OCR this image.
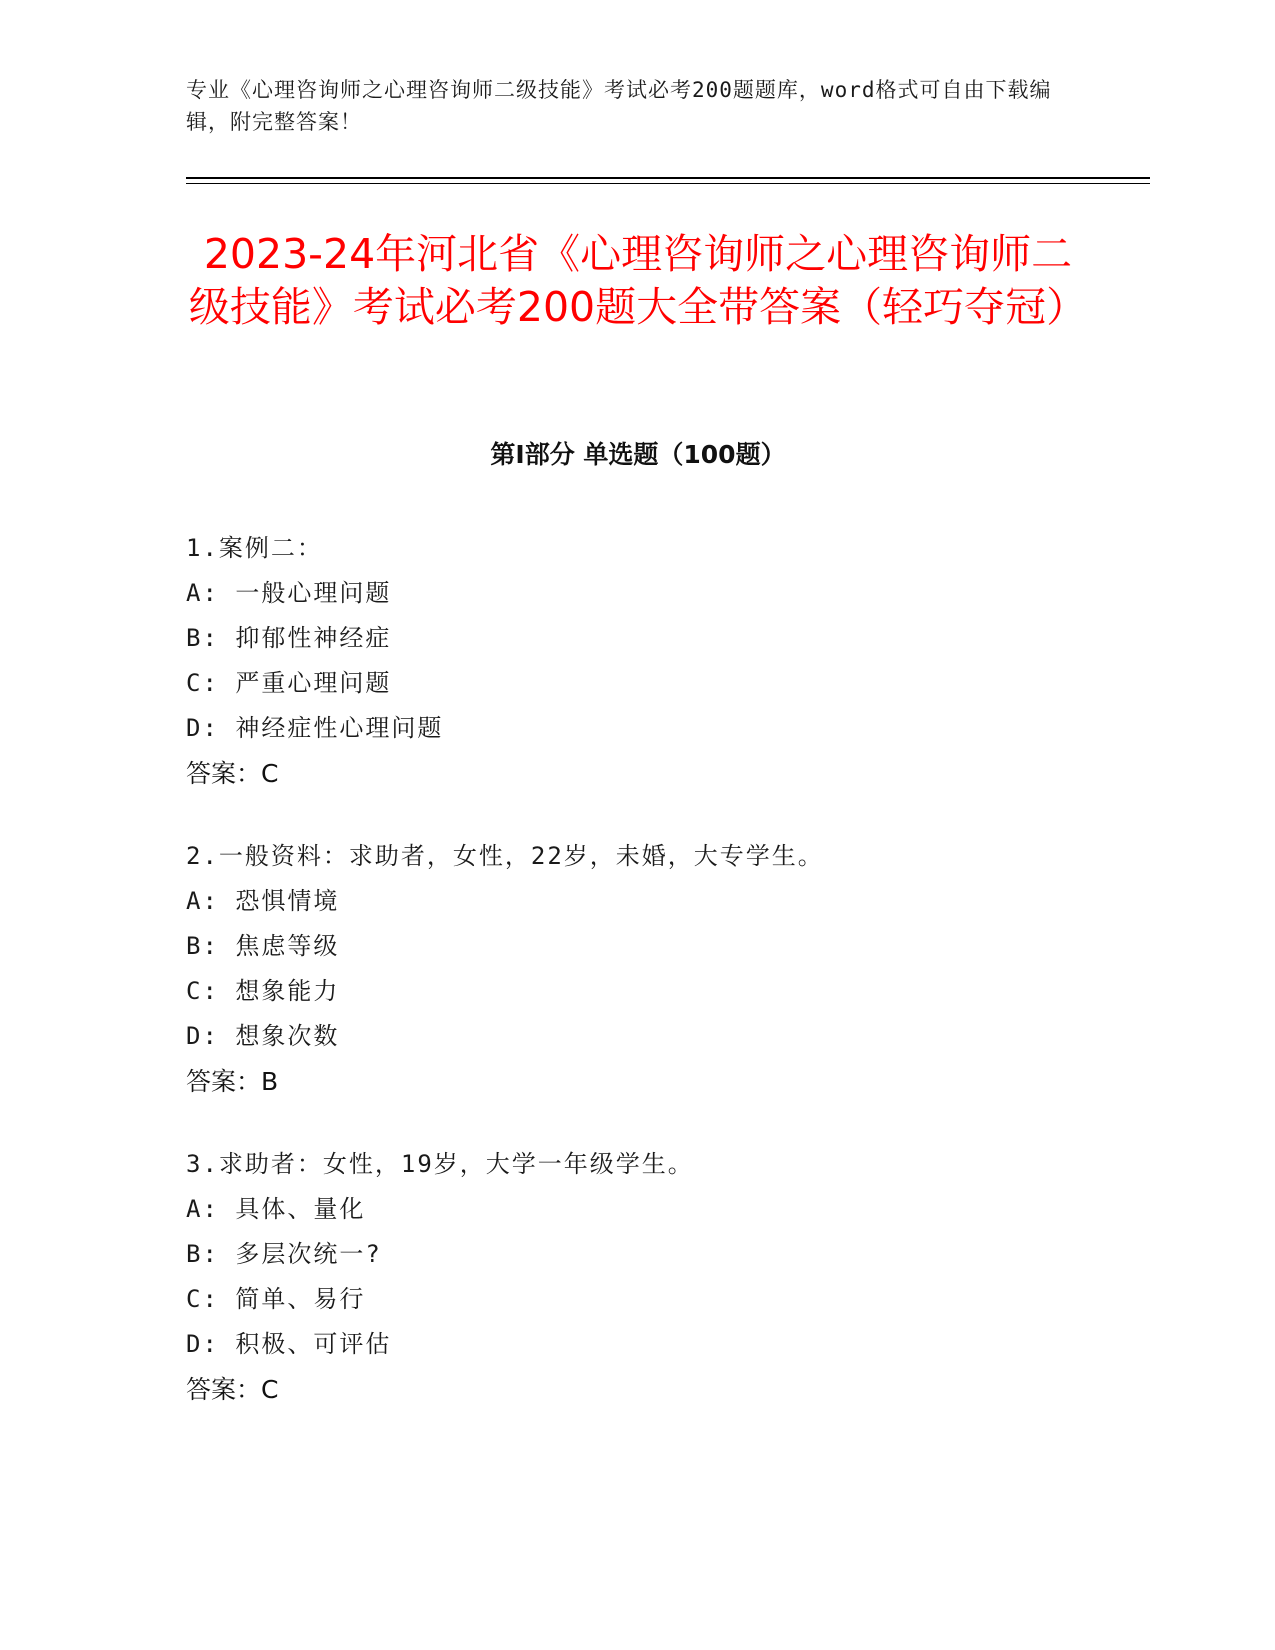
专业《心理咨询师之心理咨询师二级技能》考试必考200题题库，word格式可自由下载编辑，附完整答案！
2023-24年河北省《心理咨询师之心理咨询师二级技能》考试必考200题大全带答案（轻巧夺冠）
第Ⅰ部分 单选题（100题）
1.案例二：
A: 一般心理问题
B: 抑郁性神经症
C: 严重心理问题
D: 神经症性心理问题
答案：C
2.一般资料：求助者，女性，22岁，未婚，大专学生。
A: 恐惧情境
B: 焦虑等级
C: 想象能力
D: 想象次数
答案：B
3.求助者：女性，19岁，大学一年级学生。
A: 具体、量化
B: 多层次统一?
C: 简单、易行
D: 积极、可评估
答案：C
